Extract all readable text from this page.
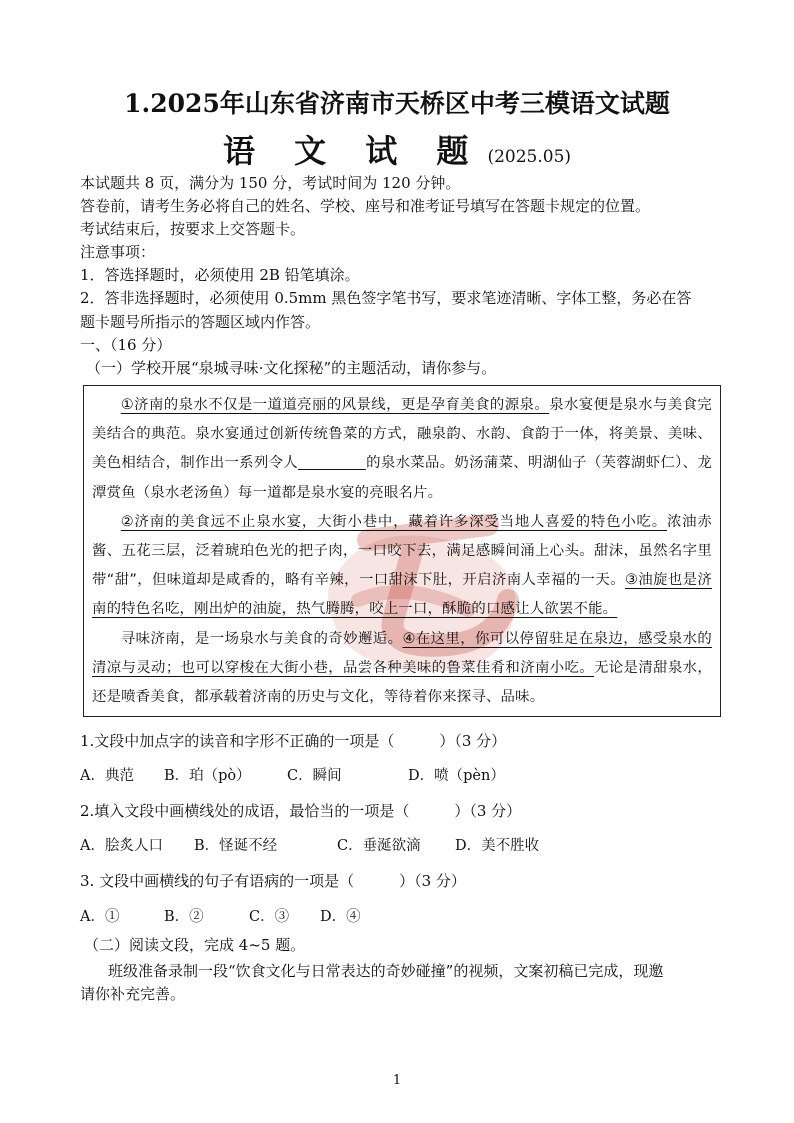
1.2025年山东省济南市天桥区中考三模语文试题
语 文 试 题 (2025.05)
本试题共 8 页，满分为 150 分，考试时间为 120 分钟。
答卷前，请考生务必将自己的姓名、学校、座号和准考证号填写在答题卡规定的位置。
考试结束后，按要求上交答题卡。
注意事项：
1．答选择题时，必须使用 2B 铅笔填涂。
2．答非选择题时，必须使用 0.5mm 黑色签字笔书写，要求笔迹清晰、字体工整，务必在答
题卡题号所指示的答题区域内作答。
一、（16 分）
（一）学校开展“泉城寻味·文化探秘”的主题活动，请你参与。

①济南的泉水不仅是一道道亮丽的风景线，更是孕育美食的源泉。泉水宴便是泉水与美食完美结合的典范。泉水宴通过创新传统鲁菜的方式，融泉韵、水韵、食韵于一体，将美景、美味、美色相结合，制作出一系列令人	的泉水菜品。奶汤蒲菜、明湖仙子（芙蓉湖虾仁）、龙潭赏鱼（泉水老汤鱼）每一道都是泉水宴的亮眼名片。

②济南的美食远不止泉水宴，大街小巷中，藏着许多深受当地人喜爱的特色小吃。浓油赤酱、五花三层，泛着琥珀色光的把子肉，一口咬下去，满足感瞬间涌上心头。甜沫，虽然名字里带“甜”，但味道却是咸香的，略有辛辣，一口甜沫下肚，开启济南人幸福的一天。③油旋也是济南的特色名吃，刚出炉的油旋，热气腾腾，咬上一口，酥脆的口感让人欲罢不能。

寻味济南，是一场泉水与美食的奇妙邂逅。④在这里，你可以停留驻足在泉边，感受泉水的清凉与灵动；也可以穿梭在大街小巷，品尝各种美味的鲁菜佳肴和济南小吃。无论是清甜泉水，还是喷香美食，都承载着济南的历史与文化，等待着你来探寻、品味。

1.文段中加点字的读音和字形不正确的一项是（　　　）（3 分）
A．典范 B．珀（pò）	C．瞬间	D．喷（pèn）
2.填入文段中画横线处的成语，最恰当的一项是（　　　）（3 分）
A．脍炙人口 B．怪诞不经	C．垂涎欲滴 D．美不胜收
3. 文段中画横线的句子有语病的一项是（　　　）（3 分）
A．①	B．②	C．③ D．④
（二）阅读文段，完成 4~5 题。
班级准备录制一段“饮食文化与日常表达的奇妙碰撞”的视频，文案初稿已完成，现邀
请你补充完善。
1
